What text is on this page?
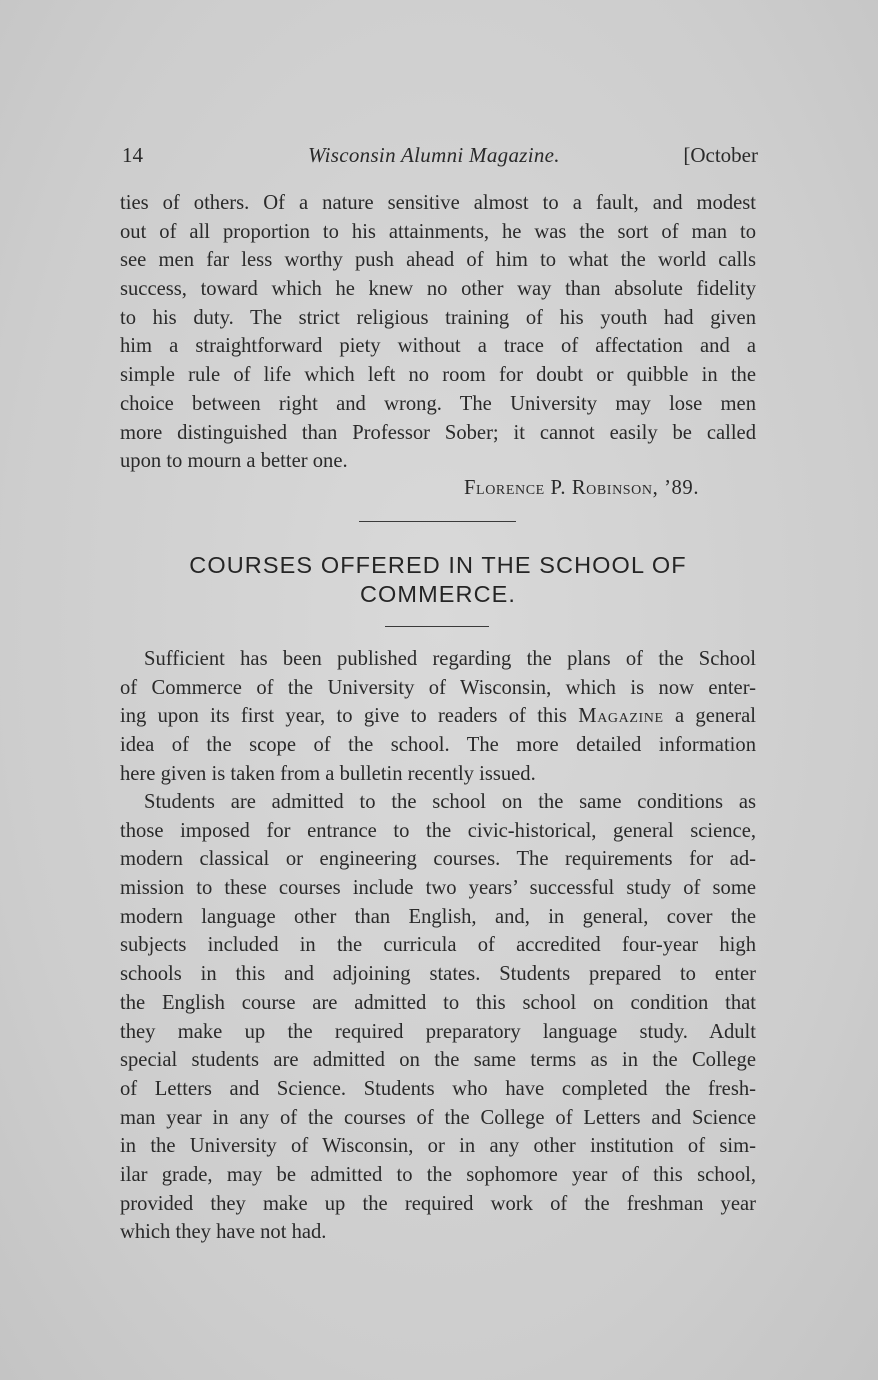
14	Wisconsin Alumni Magazine.	[October
ties of others. Of a nature sensitive almost to a fault, and modest
out of all proportion to his attainments, he was the sort of man to
see men far less worthy push ahead of him to what the world calls
success, toward which he knew no other way than absolute fidelity
to his duty. The strict religious training of his youth had given
him a straightforward piety without a trace of affectation and a
simple rule of life which left no room for doubt or quibble in the
choice between right and wrong. The University may lose men
more distinguished than Professor Sober; it cannot easily be called
upon to mourn a better one.
Florence P. Robinson, ’89.
COURSES OFFERED IN THE SCHOOL OF
COMMERCE.
Sufficient has been published regarding the plans of the School
of Commerce of the University of Wisconsin, which is now enter-
ing upon its first year, to give to readers of this Magazine a general
idea of the scope of the school. The more detailed information
here given is taken from a bulletin recently issued.
Students are admitted to the school on the same conditions as
those imposed for entrance to the civic-historical, general science,
modern classical or engineering courses. The requirements for ad-
mission to these courses include two years’ successful study of some
modern language other than English, and, in general, cover the
subjects included in the curricula of accredited four-year high
schools in this and adjoining states. Students prepared to enter
the English course are admitted to this school on condition that
they make up the required preparatory language study. Adult
special students are admitted on the same terms as in the College
of Letters and Science. Students who have completed the fresh-
man year in any of the courses of the College of Letters and Science
in the University of Wisconsin, or in any other institution of sim-
ilar grade, may be admitted to the sophomore year of this school,
provided they make up the required work of the freshman year
which they have not had.
